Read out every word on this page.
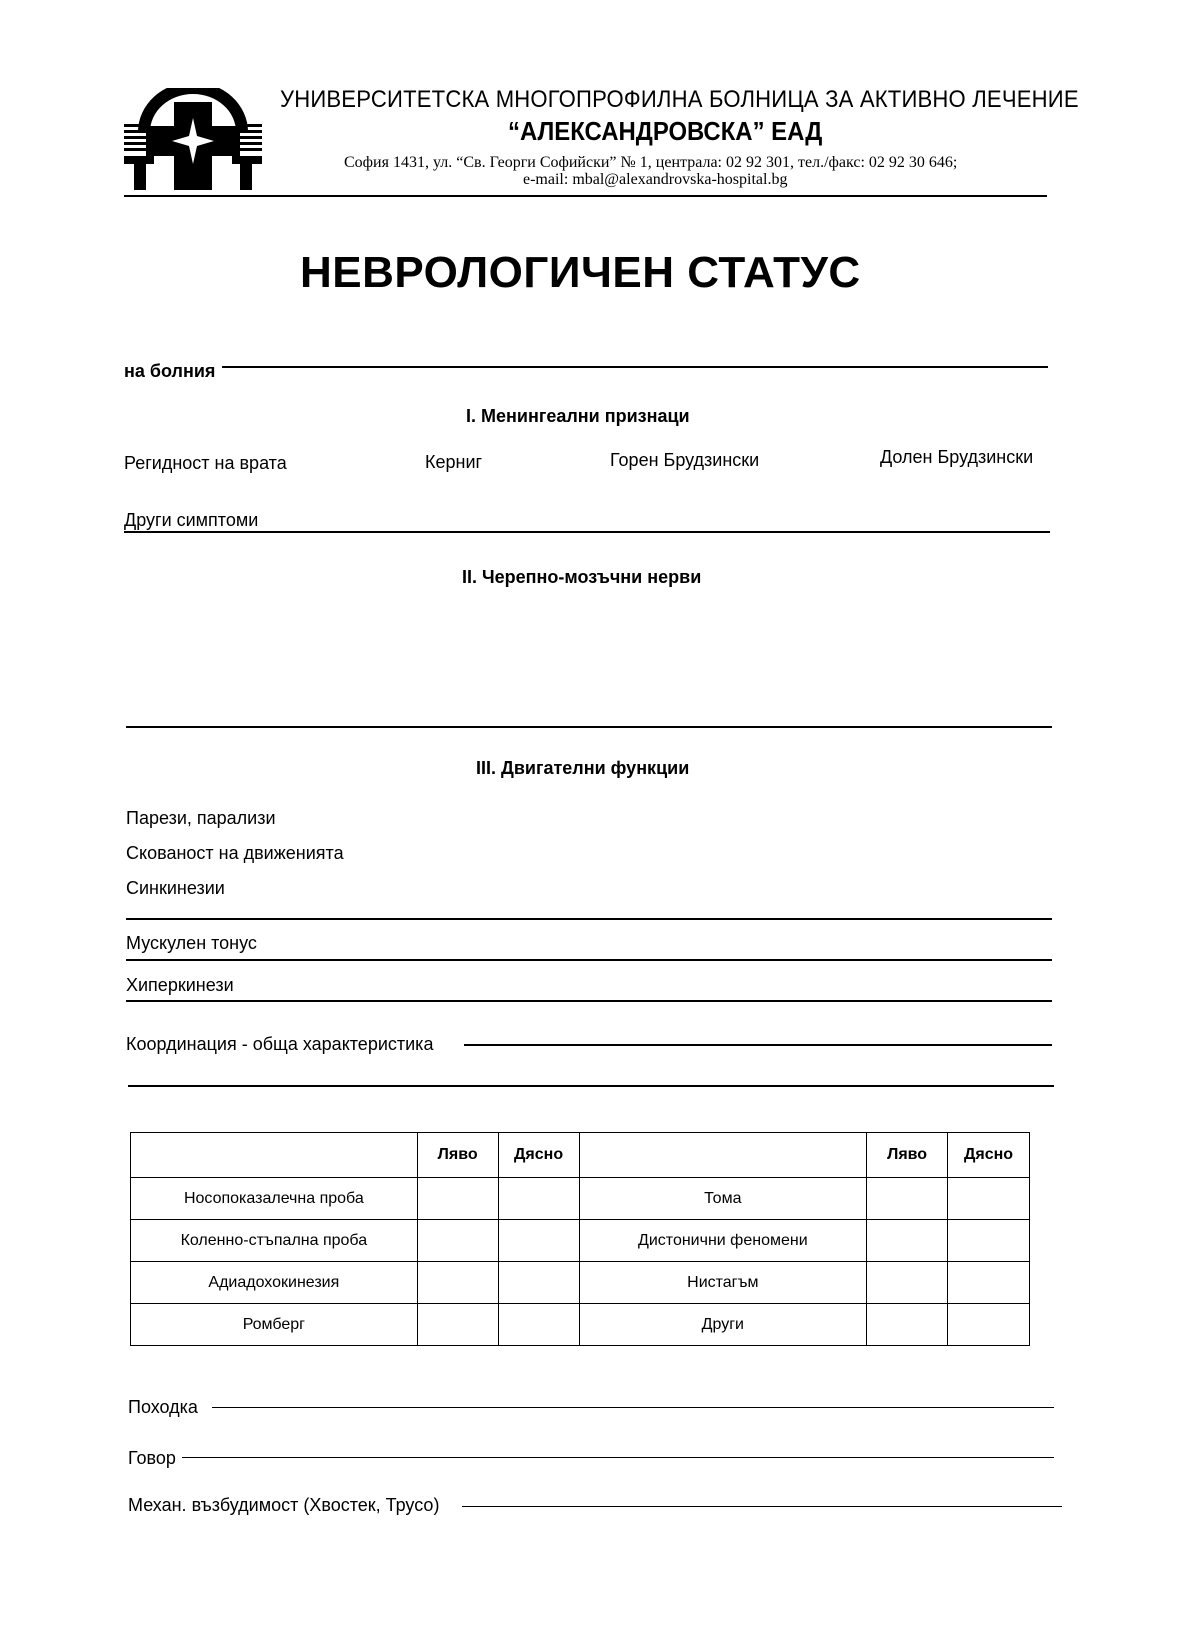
УНИВЕРСИТЕТСКА МНОГОПРОФИЛНА БОЛНИЦА ЗА АКТИВНО ЛЕЧЕНИЕ
“АЛЕКСАНДРОВСКА” ЕАД
София 1431, ул. “Св. Георги Софийски” № 1, централа: 02 92 301, тел./факс: 02 92 30 646;
e-mail: mbal@alexandrovska-hospital.bg
НЕВРОЛОГИЧЕН СТАТУС
на болния
I. Менингеални признаци
Регидност на врата	Керниг	Горен Брудзински	Долен Брудзински
Други симптоми
II. Черепно-мозъчни нерви
III. Двигателни функции
Парези, парализи
Скованост на движенията
Синкинезии
Мускулен тонус
Хиперкинези
Координация - обща характеристика
	Ляво	Дясно		Ляво	Дясно
Носопоказалечна проба			Тома		
Коленно-стъпална проба			Дистонични феномени		
Адиадохокинезия			Нистагъм		
Ромберг			Други		
Походка
Говор
Механ. възбудимост (Хвостек, Трусо)
